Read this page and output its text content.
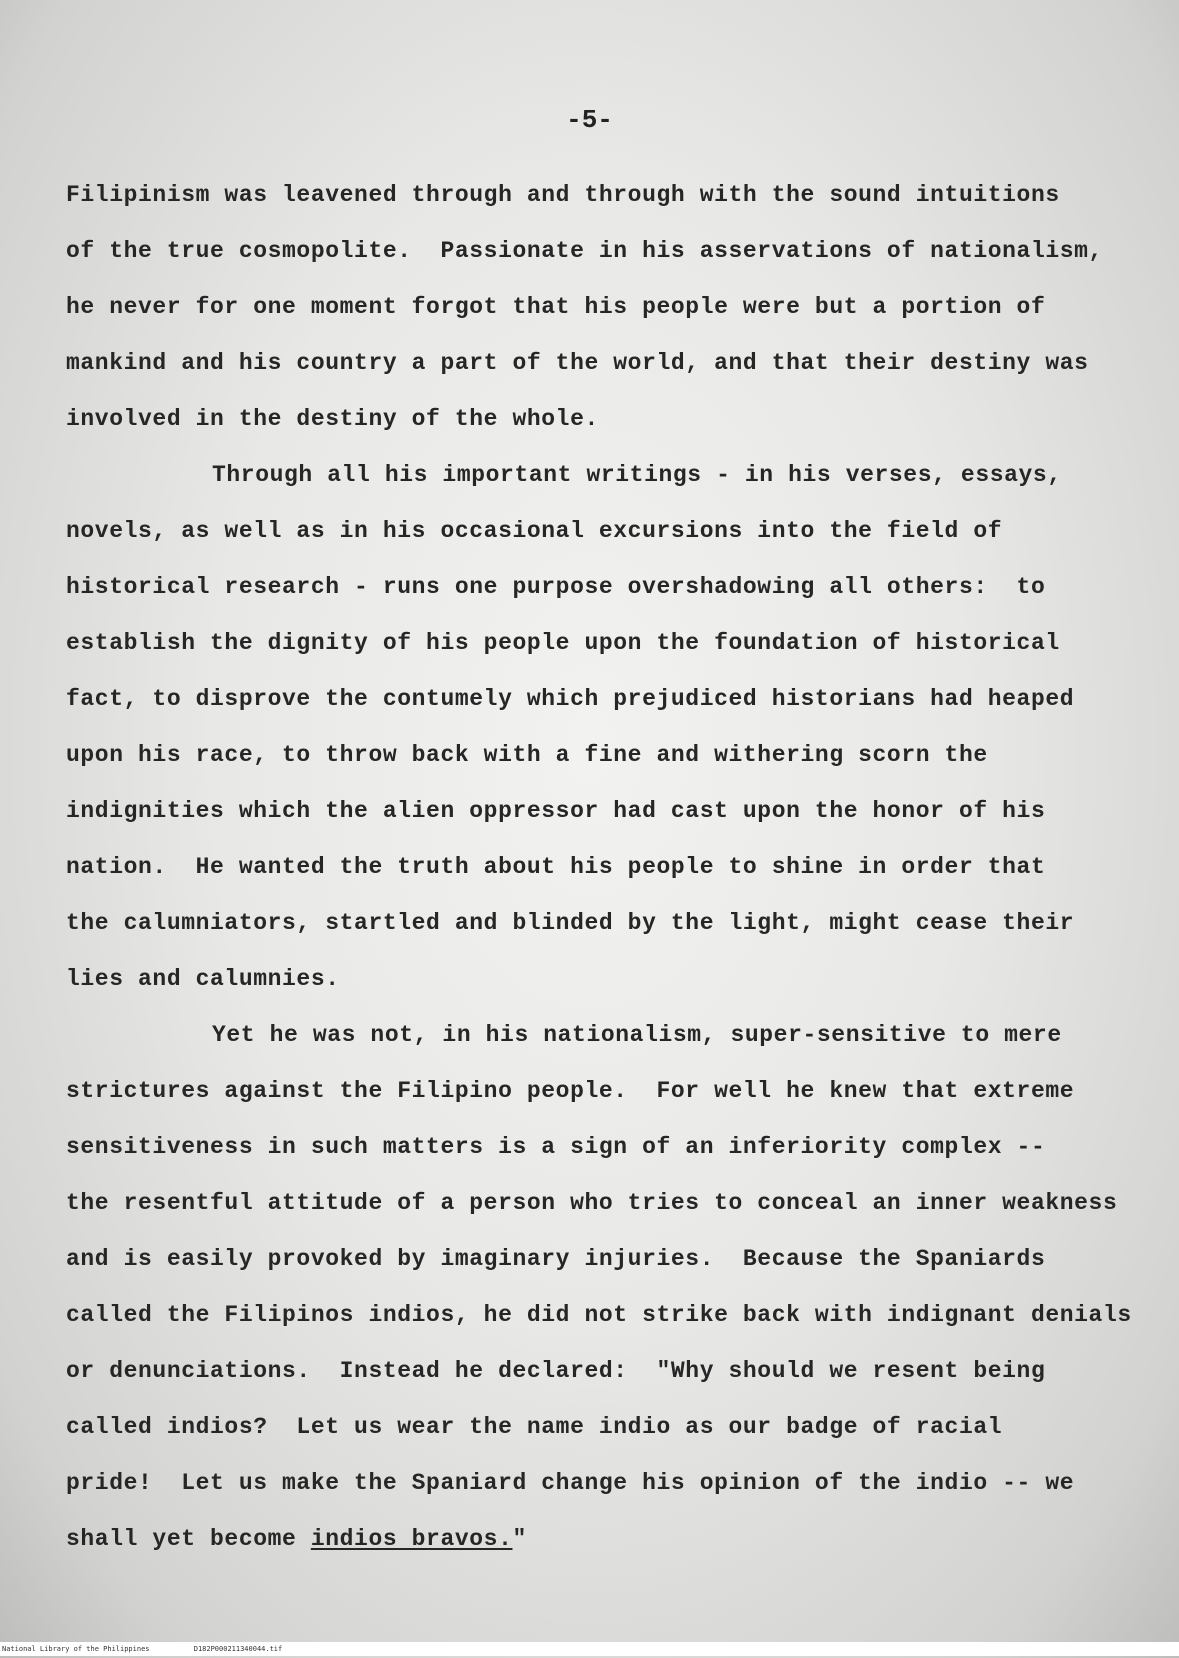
-5-

Filipinism was leavened through and through with the sound intuitions
of the true cosmopolite.  Passionate in his asservations of nationalism,
he never for one moment forgot that his people were but a portion of
mankind and his country a part of the world, and that their destiny was
involved in the destiny of the whole.
Through all his important writings - in his verses, essays,
novels, as well as in his occasional excursions into the field of
historical research - runs one purpose overshadowing all others:  to
establish the dignity of his people upon the foundation of historical
fact, to disprove the contumely which prejudiced historians had heaped
upon his race, to throw back with a fine and withering scorn the
indignities which the alien oppressor had cast upon the honor of his
nation.  He wanted the truth about his people to shine in order that
the calumniators, startled and blinded by the light, might cease their
lies and calumnies.
Yet he was not, in his nationalism, super-sensitive to mere
strictures against the Filipino people.  For well he knew that extreme
sensitiveness in such matters is a sign of an inferiority complex --
the resentful attitude of a person who tries to conceal an inner weakness
and is easily provoked by imaginary injuries.  Because the Spaniards
called the Filipinos indios, he did not strike back with indignant denials
or denunciations.  Instead he declared:  "Why should we resent being
called indios?  Let us wear the name indio as our badge of racial
pride!  Let us make the Spaniard change his opinion of the indio -- we
shall yet become indios bravos."
National Library of the Philippines	D182P000211340044.tif
